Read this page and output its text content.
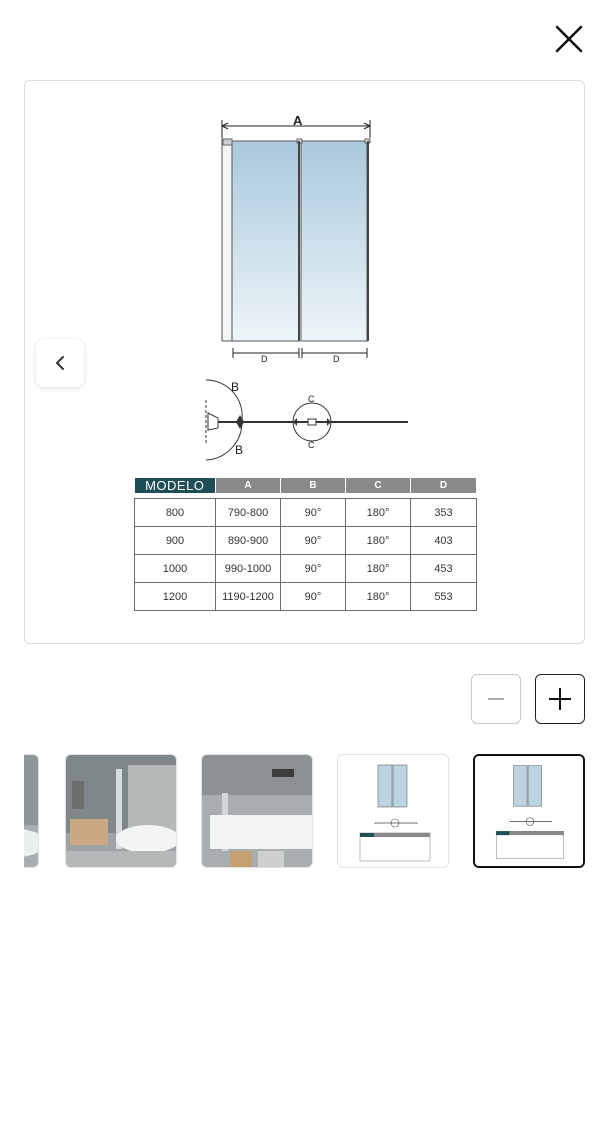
A
D	D
B
B
C
C
MODELO	A	B	C	D

800	790-800	90°	180°	353
900	890-900	90°	180°	403
1000	990-1000	90°	180°	453
1200	1190-1200	90°	180°	553
